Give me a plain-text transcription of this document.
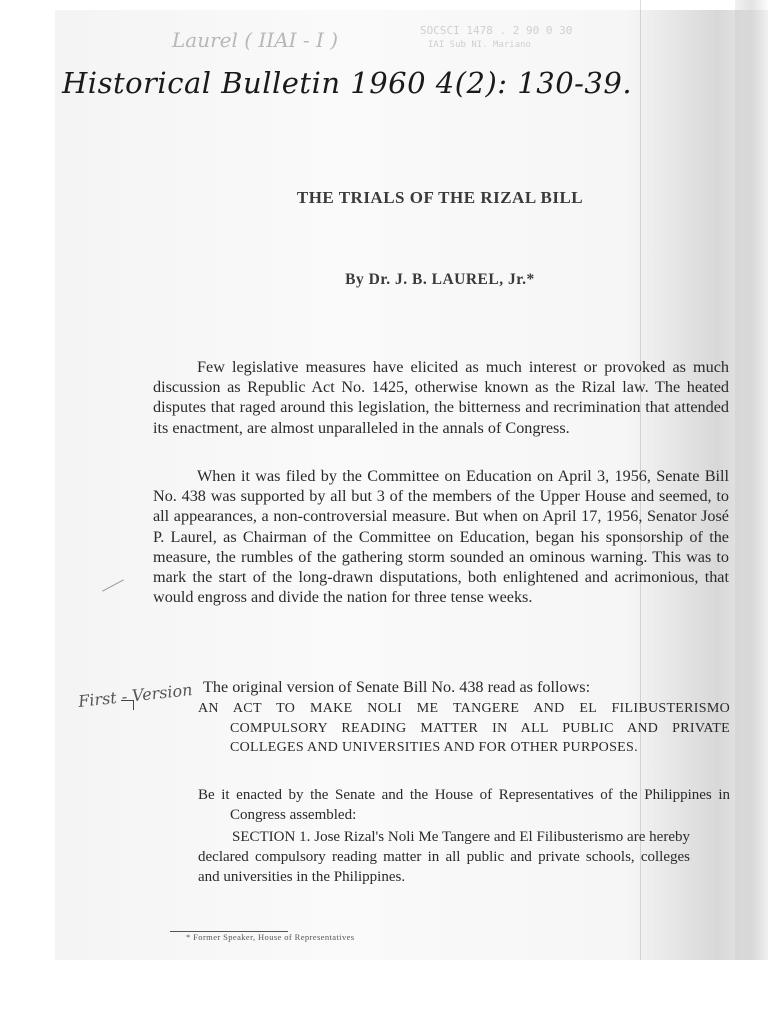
Laurel ( IIAI - I )	SOCSCI 1478 . 2 90 0 30
IAI Sub NI. Mariano
Historical Bulletin 1960 4(2): 130-39.
THE TRIALS OF THE RIZAL BILL
By Dr. J. B. LAUREL, Jr.*
Few legislative measures have elicited as much interest or provoked as much discussion as Republic Act No. 1425, otherwise known as the Rizal law. The heated disputes that raged around this legislation, the bitterness and recrimination that attended its enactment, are almost unparalleled in the annals of Congress.
When it was filed by the Committee on Education on April 3, 1956, Senate Bill No. 438 was supported by all but 3 of the members of the Upper House and seemed, to all appearances, a non-controversial measure. But when on April 17, 1956, Senator José P. Laurel, as Chairman of the Committee on Education, began his sponsorship of the measure, the rumbles of the gathering storm sounded an ominous warning. This was to mark the start of the long-drawn disputations, both enlightened and acrimonious, that would engross and divide the nation for three tense weeks.
First - Version The original version of Senate Bill No. 438 read as follows:
AN ACT TO MAKE NOLI ME TANGERE AND EL FILIBUSTERISMO COMPULSORY READING MATTER IN ALL PUBLIC AND PRIVATE COLLEGES AND UNIVERSITIES AND FOR OTHER PURPOSES.
Be it enacted by the Senate and the House of Representatives of the Philippines in Congress assembled:
SECTION 1. Jose Rizal's Noli Me Tangere and El Filibusterismo are hereby declared compulsory reading matter in all public and private schools, colleges and universities in the Philippines.
* Former Speaker, House of Representatives
